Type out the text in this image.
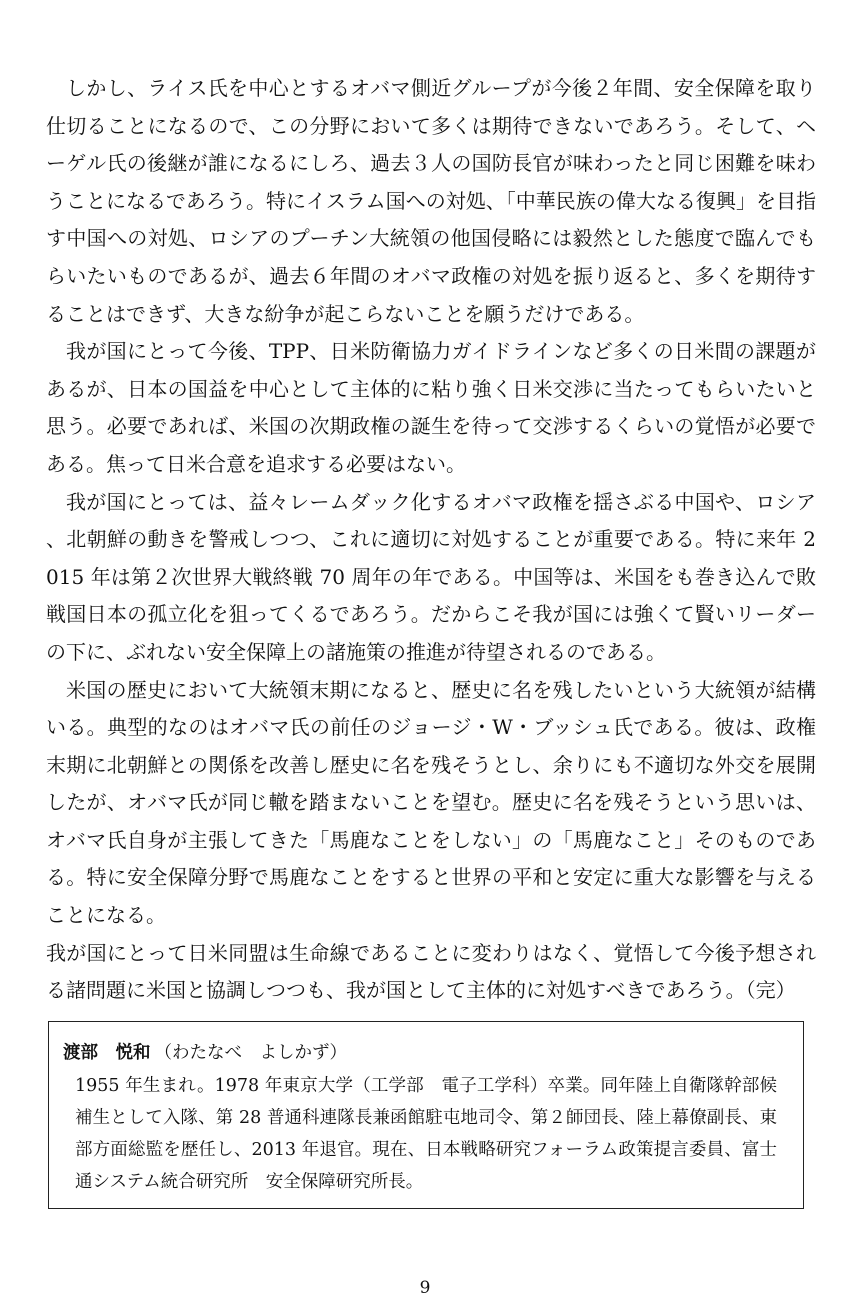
しかし、ライス氏を中心とするオバマ側近グループが今後２年間、安全保障を取り仕切ることになるので、この分野において多くは期待できないであろう。そして、ヘーゲル氏の後継が誰になるにしろ、過去３人の国防長官が味わったと同じ困難を味わうことになるであろう。特にイスラム国への対処、「中華民族の偉大なる復興」を目指す中国への対処、ロシアのプーチン大統領の他国侵略には毅然とした態度で臨んでもらいたいものであるが、過去６年間のオバマ政権の対処を振り返ると、多くを期待することはできず、大きな紛争が起こらないことを願うだけである。

我が国にとって今後、TPP、日米防衛協力ガイドラインなど多くの日米間の課題があるが、日本の国益を中心として主体的に粘り強く日米交渉に当たってもらいたいと思う。必要であれば、米国の次期政権の誕生を待って交渉するくらいの覚悟が必要である。焦って日米合意を追求する必要はない。

我が国にとっては、益々レームダック化するオバマ政権を揺さぶる中国や、ロシア、北朝鮮の動きを警戒しつつ、これに適切に対処することが重要である。特に来年 2015 年は第２次世界大戦終戦 70 周年の年である。中国等は、米国をも巻き込んで敗戦国日本の孤立化を狙ってくるであろう。だからこそ我が国には強くて賢いリーダーの下に、ぶれない安全保障上の諸施策の推進が待望されるのである。

米国の歴史において大統領末期になると、歴史に名を残したいという大統領が結構いる。典型的なのはオバマ氏の前任のジョージ・W・ブッシュ氏である。彼は、政権末期に北朝鮮との関係を改善し歴史に名を残そうとし、余りにも不適切な外交を展開したが、オバマ氏が同じ轍を踏まないことを望む。歴史に名を残そうという思いは、オバマ氏自身が主張してきた「馬鹿なことをしない」の「馬鹿なこと」そのものである。特に安全保障分野で馬鹿なことをすると世界の平和と安定に重大な影響を与えることになる。

我が国にとって日米同盟は生命線であることに変わりはなく、覚悟して今後予想される諸問題に米国と協調しつつも、我が国として主体的に対処すべきであろう。（完）

渡部　悦和 （わたなべ　よしかず）

1955 年生まれ。1978 年東京大学（工学部　電子工学科）卒業。同年陸上自衛隊幹部候補生として入隊、第 28 普通科連隊長兼函館駐屯地司令、第２師団長、陸上幕僚副長、東部方面総監を歴任し、2013 年退官。現在、日本戦略研究フォーラム政策提言委員、富士通システム統合研究所　安全保障研究所長。

9
